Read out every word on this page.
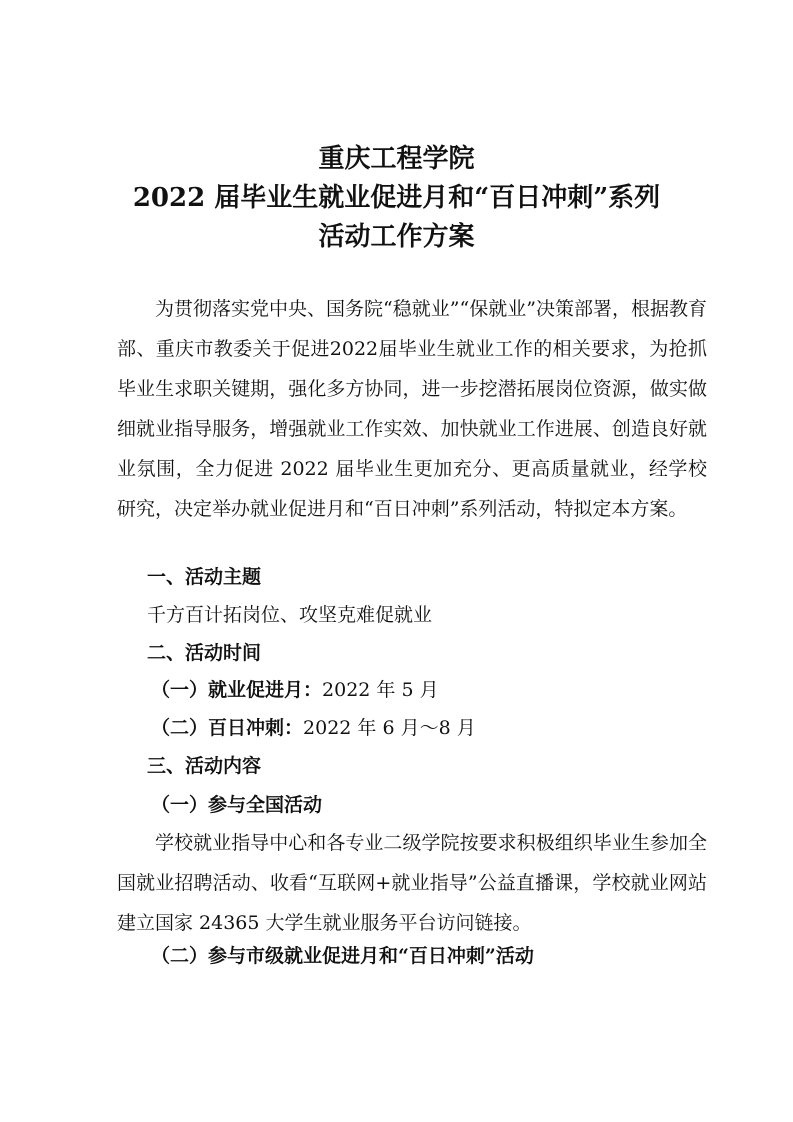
重庆工程学院
2022 届毕业生就业促进月和“百日冲刺”系列
活动工作方案

为贯彻落实党中央、国务院“稳就业”“保就业”决策部署，根据教育部、重庆市教委关于促进2022届毕业生就业工作的相关要求，为抢抓毕业生求职关键期，强化多方协同，进一步挖潜拓展岗位资源，做实做细就业指导服务，增强就业工作实效、加快就业工作进展、创造良好就业氛围，全力促进 2022 届毕业生更加充分、更高质量就业，经学校研究，决定举办就业促进月和“百日冲刺”系列活动，特拟定本方案。

一、活动主题
千方百计拓岗位、攻坚克难促就业
二、活动时间
（一）就业促进月：2022 年 5 月
（二）百日冲刺：2022 年 6 月～8 月
三、活动内容
（一）参与全国活动

学校就业指导中心和各专业二级学院按要求积极组织毕业生参加全国就业招聘活动、收看“互联网+就业指导”公益直播课，学校就业网站建立国家 24365 大学生就业服务平台访问链接。

（二）参与市级就业促进月和“百日冲刺”活动
